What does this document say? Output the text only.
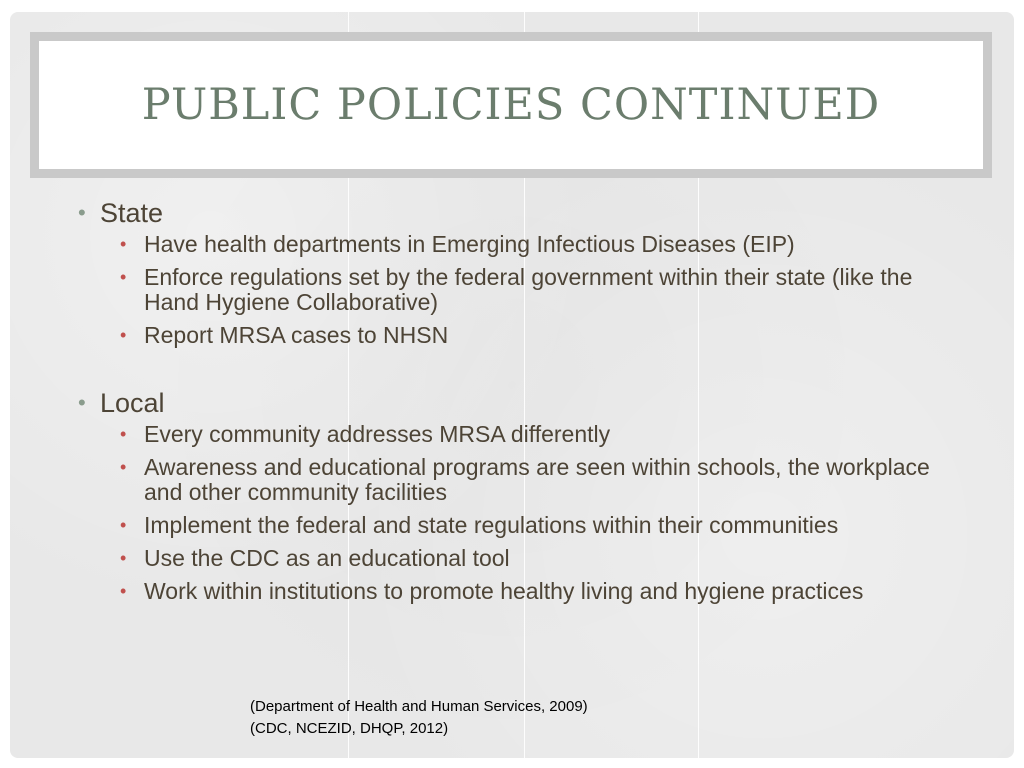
PUBLIC POLICIES CONTINUED
• State
• Have health departments in Emerging Infectious Diseases (EIP)
• Enforce regulations set by the federal government within their state (like the Hand Hygiene Collaborative)
• Report MRSA cases to NHSN
• Local
• Every community addresses MRSA differently
• Awareness and educational programs are seen within schools, the workplace and other community facilities
• Implement the federal and state regulations within their communities
• Use the CDC as an educational tool
• Work within institutions to promote healthy living and hygiene practices
(Department of Health and Human Services, 2009)
(CDC, NCEZID, DHQP, 2012)
